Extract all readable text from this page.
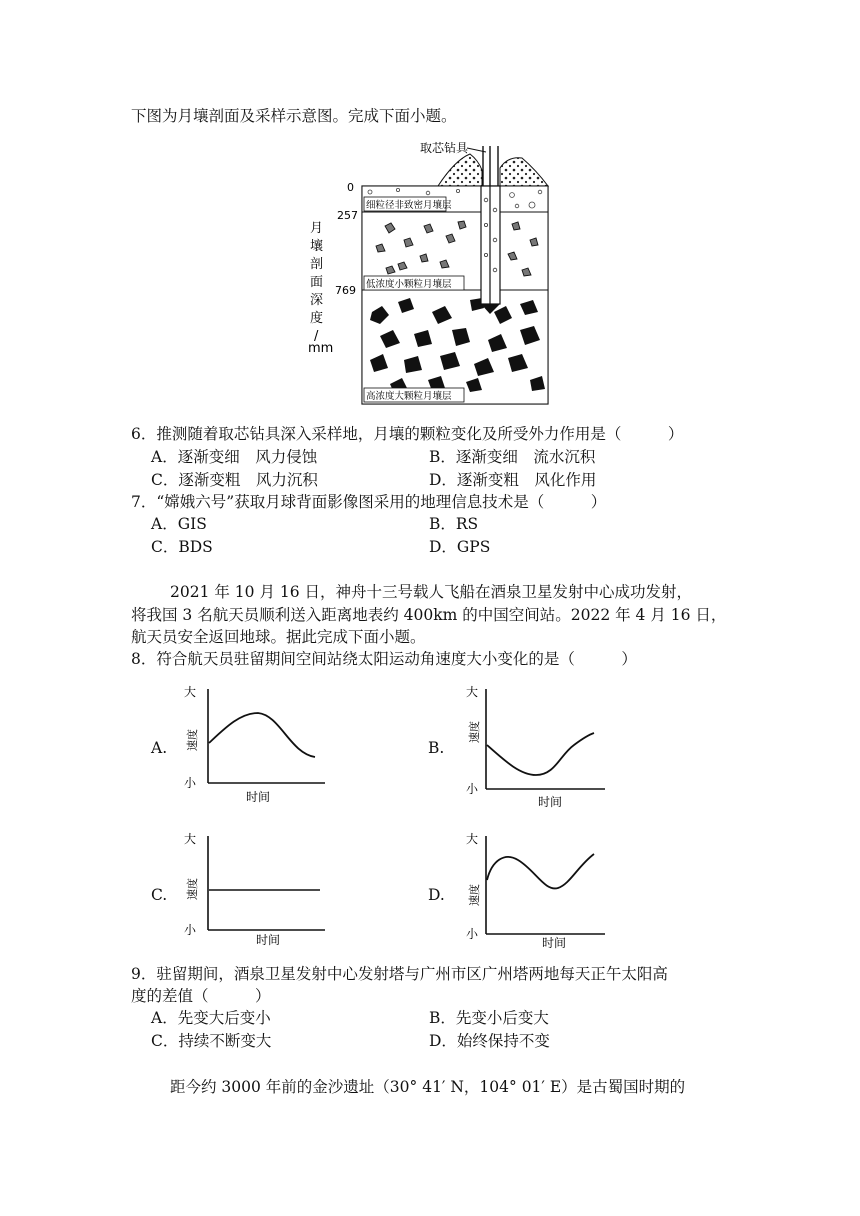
下图为月壤剖面及采样示意图。完成下面小题。
取芯钻具
细粒径非致密月壤层
低浓度小颗粒月壤层
高浓度大颗粒月壤层
0
257
769
月
壤
剖
面
深
度
/
mm
6．推测随着取芯钻具深入采样地，月壤的颗粒变化及所受外力作用是（　　　）
A．逐渐变细　风力侵蚀	B．逐渐变细　流水沉积
C．逐渐变粗　风力沉积	D．逐渐变粗　风化作用
7．“嫦娥六号”获取月球背面影像图采用的地理信息技术是（　　　）
A．GIS	B．RS
C．BDS	D．GPS
2021 年 10 月 16 日，神舟十三号载人飞船在酒泉卫星发射中心成功发射，
将我国 3 名航天员顺利送入距离地表约 400km 的中国空间站。2022 年 4 月 16 日，
航天员安全返回地球。据此完成下面小题。
8．符合航天员驻留期间空间站绕太阳运动角速度大小变化的是（　　　）
A.	B.
C.	D.
大
小
速度
时间
大
小
速度
时间
大
小
速度
时间
大
小
速度
时间
9．驻留期间，酒泉卫星发射中心发射塔与广州市区广州塔两地每天正午太阳高
度的差值（　　　）
A．先变大后变小	B．先变小后变大
C．持续不断变大	D．始终保持不变
距今约 3000 年前的金沙遗址（30° 41′ N，104° 01′ E）是古蜀国时期的
